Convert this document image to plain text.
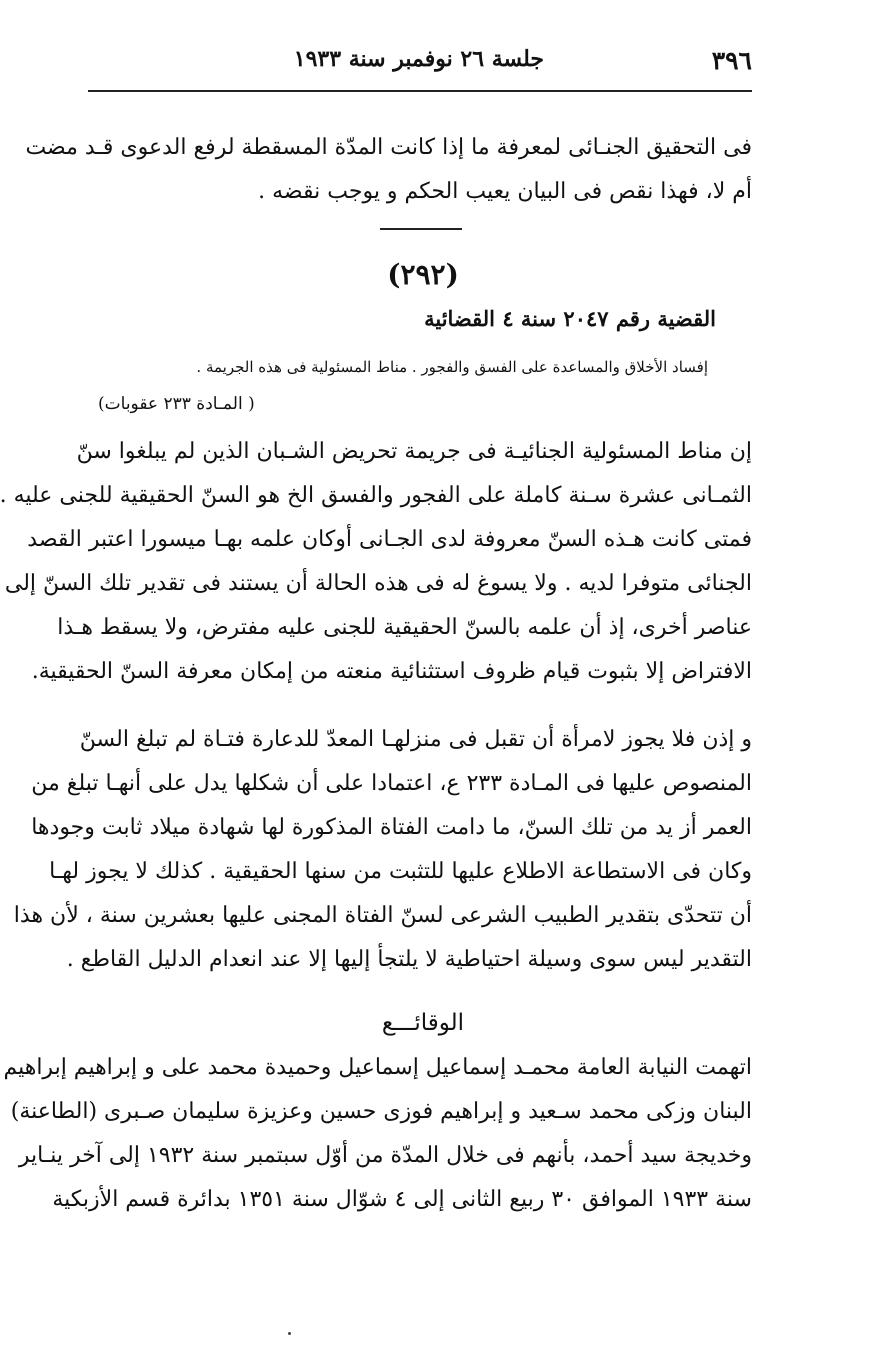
٣٩٦
جلسة ٢٦ نوفمبر سنة ١٩٣٣
فى التحقيق الجنـائى لمعرفة ما إذا كانت المدّة المسقطة لرفع الدعوى قـد مضت
أم لا، فهذا نقص فى البيان يعيب الحكم و يوجب نقضه .
(٢٩٢)
القضية رقم ٢٠٤٧ سنة ٤ القضائية
إفساد الأخلاق والمساعدة على الفسق والفجور . مناط المسئولية فى هذه الجريمة .
( المـادة ٢٣٣ عقوبات)
إن مناط المسئولية الجنائيـة فى جريمة تحريض الشـبان الذين لم يبلغوا سنّ
الثمـانى عشرة سـنة كاملة على الفجور والفسق الخ هو السنّ الحقيقية للجنى عليه .
فمتى كانت هـذه السنّ معروفة لدى الجـانى أوكان علمه بهـا ميسورا اعتبر القصد
الجنائى متوفرا لديه . ولا يسوغ له فى هذه الحالة أن يستند فى تقدير تلك السنّ إلى
عناصر أخرى، إذ أن علمه بالسنّ الحقيقية للجنى عليه مفترض، ولا يسقط هـذا
الافتراض إلا بثبوت قيام ظروف استثنائية منعته من إمكان معرفة السنّ الحقيقية.
و إذن فلا يجوز لامرأة أن تقبل فى منزلهـا المعدّ للدعارة فتـاة لم تبلغ السنّ
المنصوص عليها فى المـادة ٢٣٣ ع، اعتمادا على أن شكلها يدل على أنهـا تبلغ من
العمر أز يد من تلك السنّ، ما دامت الفتاة المذكورة لها شهادة ميلاد ثابت وجودها
وكان فى الاستطاعة الاطلاع عليها للتثبت من سنها الحقيقية . كذلك لا يجوز لهـا
أن تتحدّى بتقدير الطبيب الشرعى لسنّ الفتاة المجنى عليها بعشرين سنة ، لأن هذا
التقدير ليس سوى وسيلة احتياطية لا يلتجأ إليها إلا عند انعدام الدليل القاطع .
الوقائـــع
اتهمت النيابة العامة محمـد إسماعيل إسماعيل وحميدة محمد على و إبراهيم إبراهيم
البنان وزكى محمد سـعيد و إبراهيم فوزى حسين وعزيزة سليمان صـبرى (الطاعنة)
وخديجة سيد أحمد، بأنهم فى خلال المدّة من أوّل سبتمبر سنة ١٩٣٢ إلى آخر ينـاير
سنة ١٩٣٣ الموافق ٣٠ ربيع الثانى إلى ٤ شوّال سنة ١٣٥١ بدائرة قسم الأزبكية
